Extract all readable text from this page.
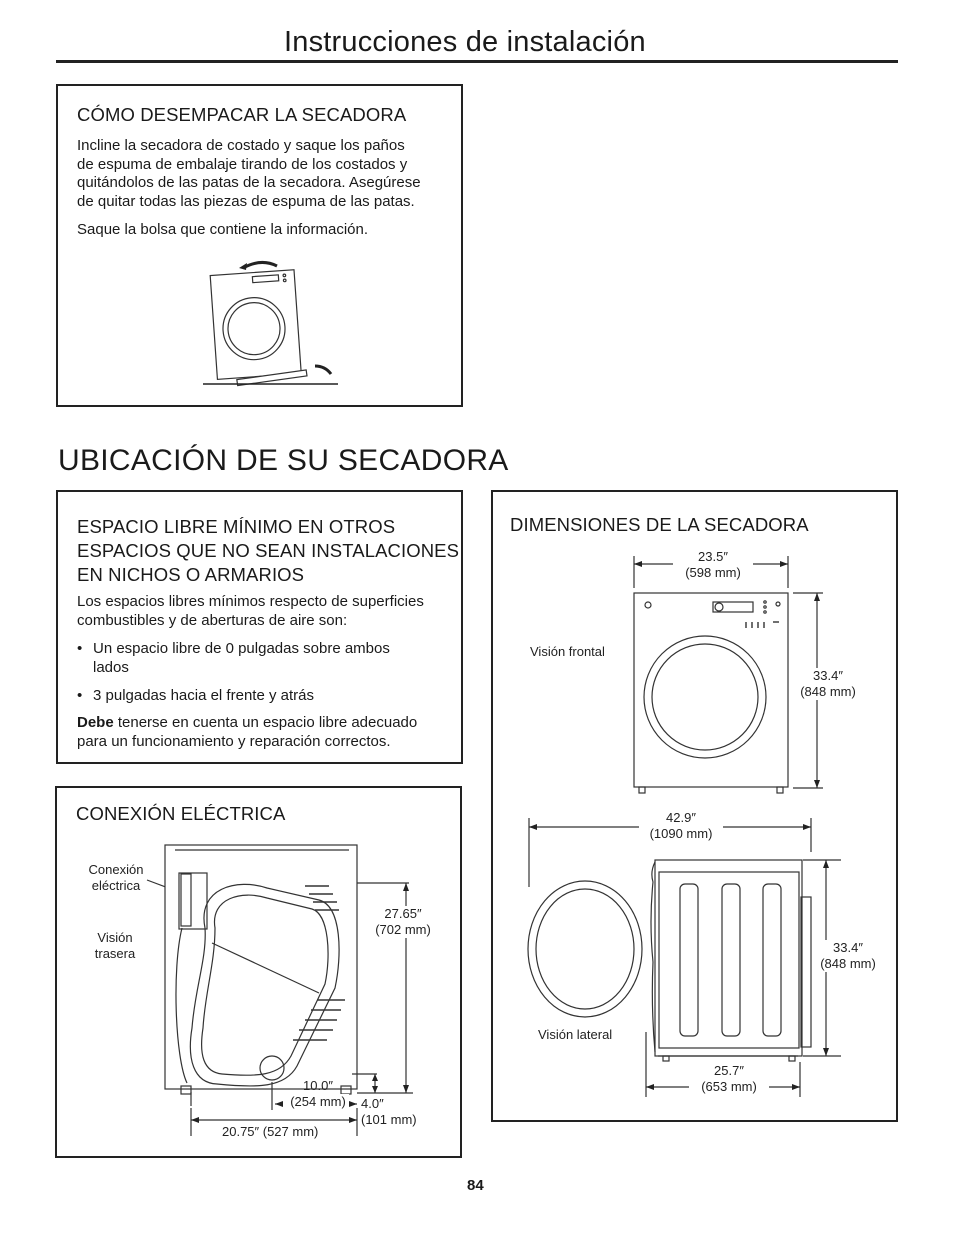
Instrucciones de instalación
CÓMO DESEMPACAR LA SECADORA
Incline la secadora de costado y saque los paños
de espuma de embalaje tirando de los costados y
quitándolos de las patas de la secadora. Asegúrese
de quitar todas las piezas de espuma de las patas.
Saque la bolsa que contiene la información.
UBICACIÓN DE SU SECADORA
ESPACIO LIBRE MÍNIMO EN OTROS
ESPACIOS QUE NO SEAN INSTALACIONES
EN NICHOS O ARMARIOS
Los espacios libres mínimos respecto de superficies
combustibles y de aberturas de aire son:
• Un espacio libre de 0 pulgadas sobre ambos
lados
• 3 pulgadas hacia el frente y atrás
Debe tenerse en cuenta un espacio libre adecuado
para un funcionamiento y reparación correctos.
CONEXIÓN ELÉCTRICA
Conexión
eléctrica
Visión
trasera
27.65″
(702 mm)
10.0″
(254 mm) 4.0″
(101 mm)
20.75″ (527 mm)
DIMENSIONES DE LA SECADORA
23.5″
(598 mm)
Visión frontal
33.4″
(848 mm)
42.9″
(1090 mm)
33.4″
(848 mm)
Visión lateral
25.7″
(653 mm)
84
